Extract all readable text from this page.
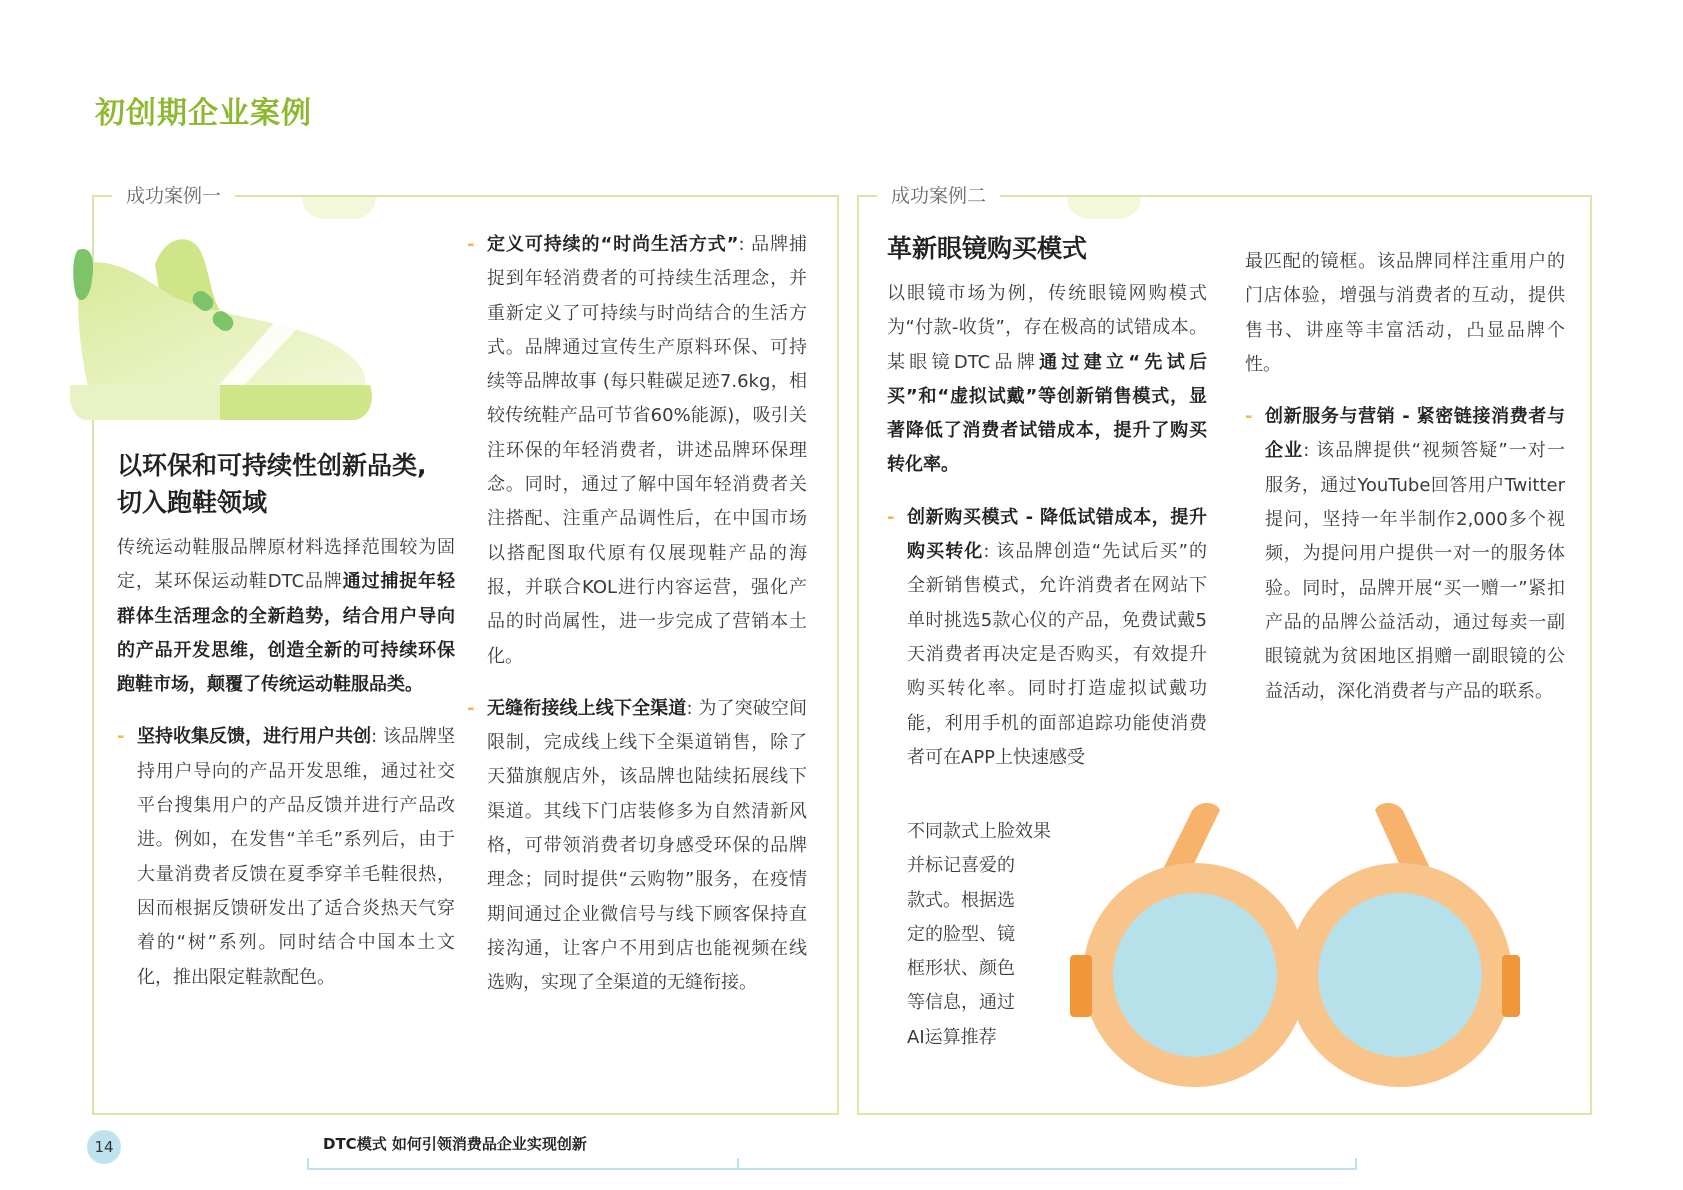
初创期企业案例
成功案例一
以环保和可持续性创新品类,
切入跑鞋领域

传统运动鞋服品牌原材料选择范围较为固定，某环保运动鞋DTC品牌通过捕捉年轻群体生活理念的全新趋势，结合用户导向的产品开发思维，创造全新的可持续环保跑鞋市场，颠覆了传统运动鞋服品类。

- 坚持收集反馈，进行用户共创: 该品牌坚持用户导向的产品开发思维，通过社交平台搜集用户的产品反馈并进行产品改进。例如，在发售“羊毛”系列后，由于大量消费者反馈在夏季穿羊毛鞋很热，因而根据反馈研发出了适合炎热天气穿着的“树”系列。同时结合中国本土文化，推出限定鞋款配色。

- 定义可持续的“时尚生活方式”: 品牌捕捉到年轻消费者的可持续生活理念，并重新定义了可持续与时尚结合的生活方式。品牌通过宣传生产原料环保、可持续等品牌故事 (每只鞋碳足迹7.6kg，相较传统鞋产品可节省60%能源)，吸引关注环保的年轻消费者，讲述品牌环保理念。同时，通过了解中国年轻消费者关注搭配、注重产品调性后，在中国市场以搭配图取代原有仅展现鞋产品的海报，并联合KOL进行内容运营，强化产品的时尚属性，进一步完成了营销本土化。

- 无缝衔接线上线下全渠道: 为了突破空间限制，完成线上线下全渠道销售，除了天猫旗舰店外，该品牌也陆续拓展线下渠道。其线下门店装修多为自然清新风格，可带领消费者切身感受环保的品牌理念；同时提供“云购物”服务，在疫情期间通过企业微信号与线下顾客保持直接沟通，让客户不用到店也能视频在线选购，实现了全渠道的无缝衔接。

成功案例二
革新眼镜购买模式

以眼镜市场为例，传统眼镜网购模式为“付款-收货”，存在极高的试错成本。某眼镜DTC品牌通过建立“先试后买”和“虚拟试戴”等创新销售模式，显著降低了消费者试错成本，提升了购买转化率。

- 创新购买模式 - 降低试错成本，提升购买转化: 该品牌创造“先试后买”的全新销售模式，允许消费者在网站下单时挑选5款心仪的产品，免费试戴5天消费者再决定是否购买，有效提升购买转化率。同时打造虚拟试戴功能，利用手机的面部追踪功能使消费者可在APP上快速感受

不同款式上脸效果
并标记喜爱的
款式。根据选
定的脸型、镜
框形状、颜色
等信息，通过
AI运算推荐

最匹配的镜框。该品牌同样注重用户的门店体验，增强与消费者的互动，提供售书、讲座等丰富活动，凸显品牌个性。

- 创新服务与营销 - 紧密链接消费者与企业: 该品牌提供“视频答疑”一对一服务，通过YouTube回答用户Twitter提问，坚持一年半制作2,000多个视频，为提问用户提供一对一的服务体验。同时，品牌开展“买一赠一”紧扣产品的品牌公益活动，通过每卖一副眼镜就为贫困地区捐赠一副眼镜的公益活动，深化消费者与产品的联系。

14	DTC模式 如何引领消费品企业实现创新
